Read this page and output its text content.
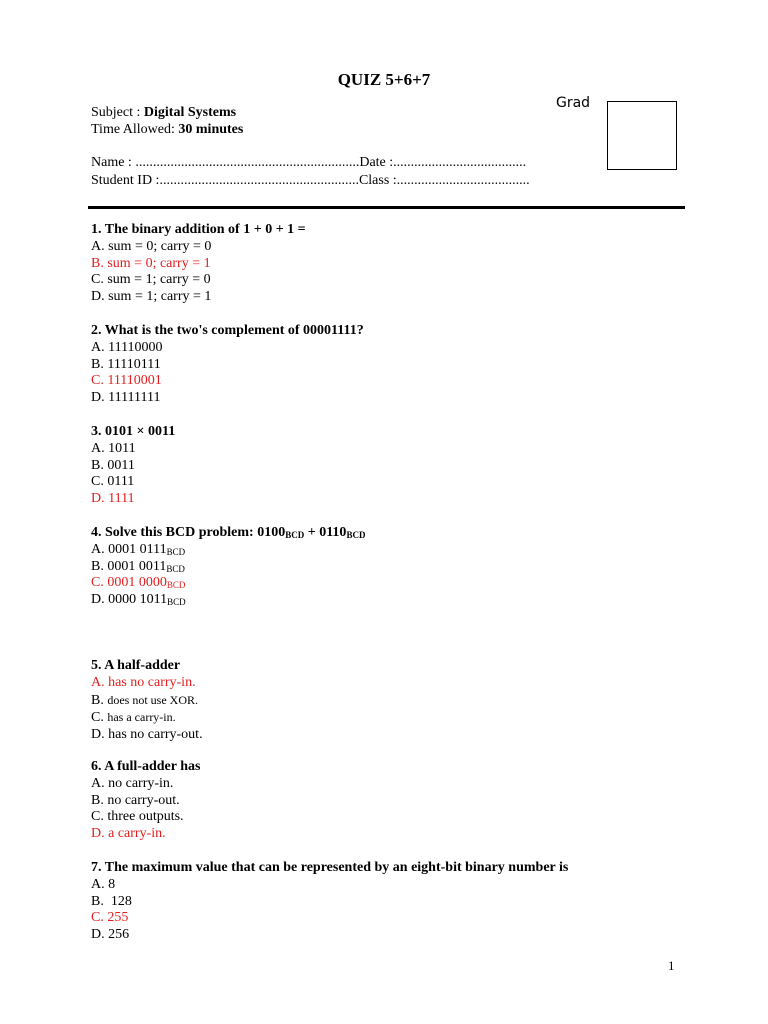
QUIZ 5+6+7
Grad
Subject : Digital Systems
Time Allowed: 30 minutes
Name : ................................................................Date :......................................
Student ID :.........................................................Class :......................................
1. The binary addition of 1 + 0 + 1 =
A. sum = 0; carry = 0
B. sum = 0; carry = 1
C. sum = 1; carry = 0
D. sum = 1; carry = 1
2. What is the two's complement of 00001111?
A. 11110000
B. 11110111
C. 11110001
D. 11111111
3. 0101 × 0011
A. 1011
B. 0011
C. 0111
D. 1111
4. Solve this BCD problem: $0100_{BCD} + 0110_{BCD}$
A. 0001 $0111_{BCD}$
B. 0001 $0011_{BCD}$
C. 0001 $0000_{BCD}$
D. 0000 $1011_{BCD}$
5. A half-adder
A. has no carry-in.
B. does not use XOR.
C. has a carry-in.
D. has no carry-out.
6. A full-adder has
A. no carry-in.
B. no carry-out.
C. three outputs.
D. a carry-in.
7. The maximum value that can be represented by an eight-bit binary number is
A. 8
B.  128
C. 255
D. 256
1
